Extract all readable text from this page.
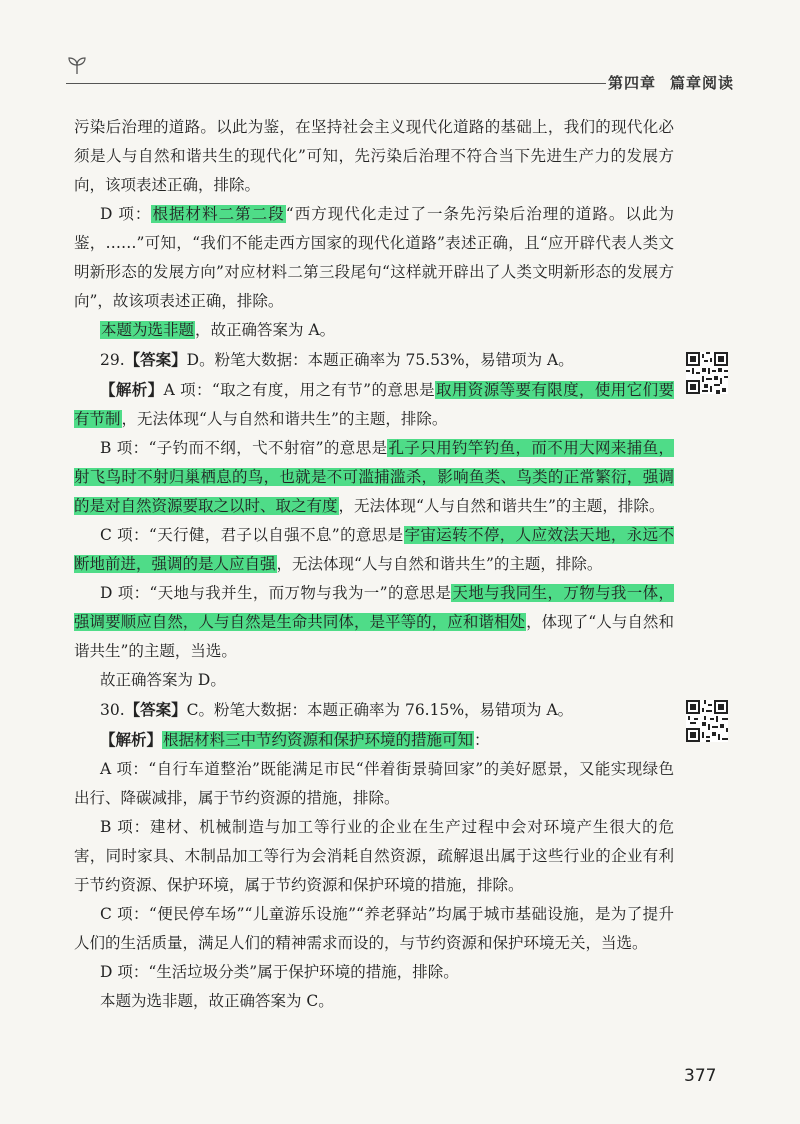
第四章 篇章阅读

污染后治理的道路。以此为鉴，在坚持社会主义现代化道路的基础上，我们的现代化必须是人与自然和谐共生的现代化”可知，先污染后治理不符合当下先进生产力的发展方向，该项表述正确，排除。

D 项：根据材料二第二段“西方现代化走过了一条先污染后治理的道路。以此为鉴，……”可知，“我们不能走西方国家的现代化道路”表述正确，且“应开辟代表人类文明新形态的发展方向”对应材料二第三段尾句“这样就开辟出了人类文明新形态的发展方向”，故该项表述正确，排除。

本题为选非题，故正确答案为 A。

29.【答案】D。粉笔大数据：本题正确率为 75.53%，易错项为 A。

【解析】A 项：“取之有度，用之有节”的意思是取用资源等要有限度，使用它们要有节制，无法体现“人与自然和谐共生”的主题，排除。

B 项：“子钓而不纲，弋不射宿”的意思是孔子只用钓竿钓鱼，而不用大网来捕鱼，射飞鸟时不射归巢栖息的鸟，也就是不可滥捕滥杀，影响鱼类、鸟类的正常繁衍，强调的是对自然资源要取之以时、取之有度，无法体现“人与自然和谐共生”的主题，排除。

C 项：“天行健，君子以自强不息”的意思是宇宙运转不停，人应效法天地，永远不断地前进，强调的是人应自强，无法体现“人与自然和谐共生”的主题，排除。

D 项：“天地与我并生，而万物与我为一”的意思是天地与我同生，万物与我一体，强调要顺应自然，人与自然是生命共同体，是平等的，应和谐相处，体现了“人与自然和谐共生”的主题，当选。

故正确答案为 D。

30.【答案】C。粉笔大数据：本题正确率为 76.15%，易错项为 A。

【解析】根据材料三中节约资源和保护环境的措施可知：

A 项：“自行车道整治”既能满足市民“伴着街景骑回家”的美好愿景，又能实现绿色出行、降碳减排，属于节约资源的措施，排除。

B 项：建材、机械制造与加工等行业的企业在生产过程中会对环境产生很大的危害，同时家具、木制品加工等行为会消耗自然资源，疏解退出属于这些行业的企业有利于节约资源、保护环境，属于节约资源和保护环境的措施，排除。

C 项：“便民停车场”“儿童游乐设施”“养老驿站”均属于城市基础设施，是为了提升人们的生活质量，满足人们的精神需求而设的，与节约资源和保护环境无关，当选。

D 项：“生活垃圾分类”属于保护环境的措施，排除。

本题为选非题，故正确答案为 C。

377
